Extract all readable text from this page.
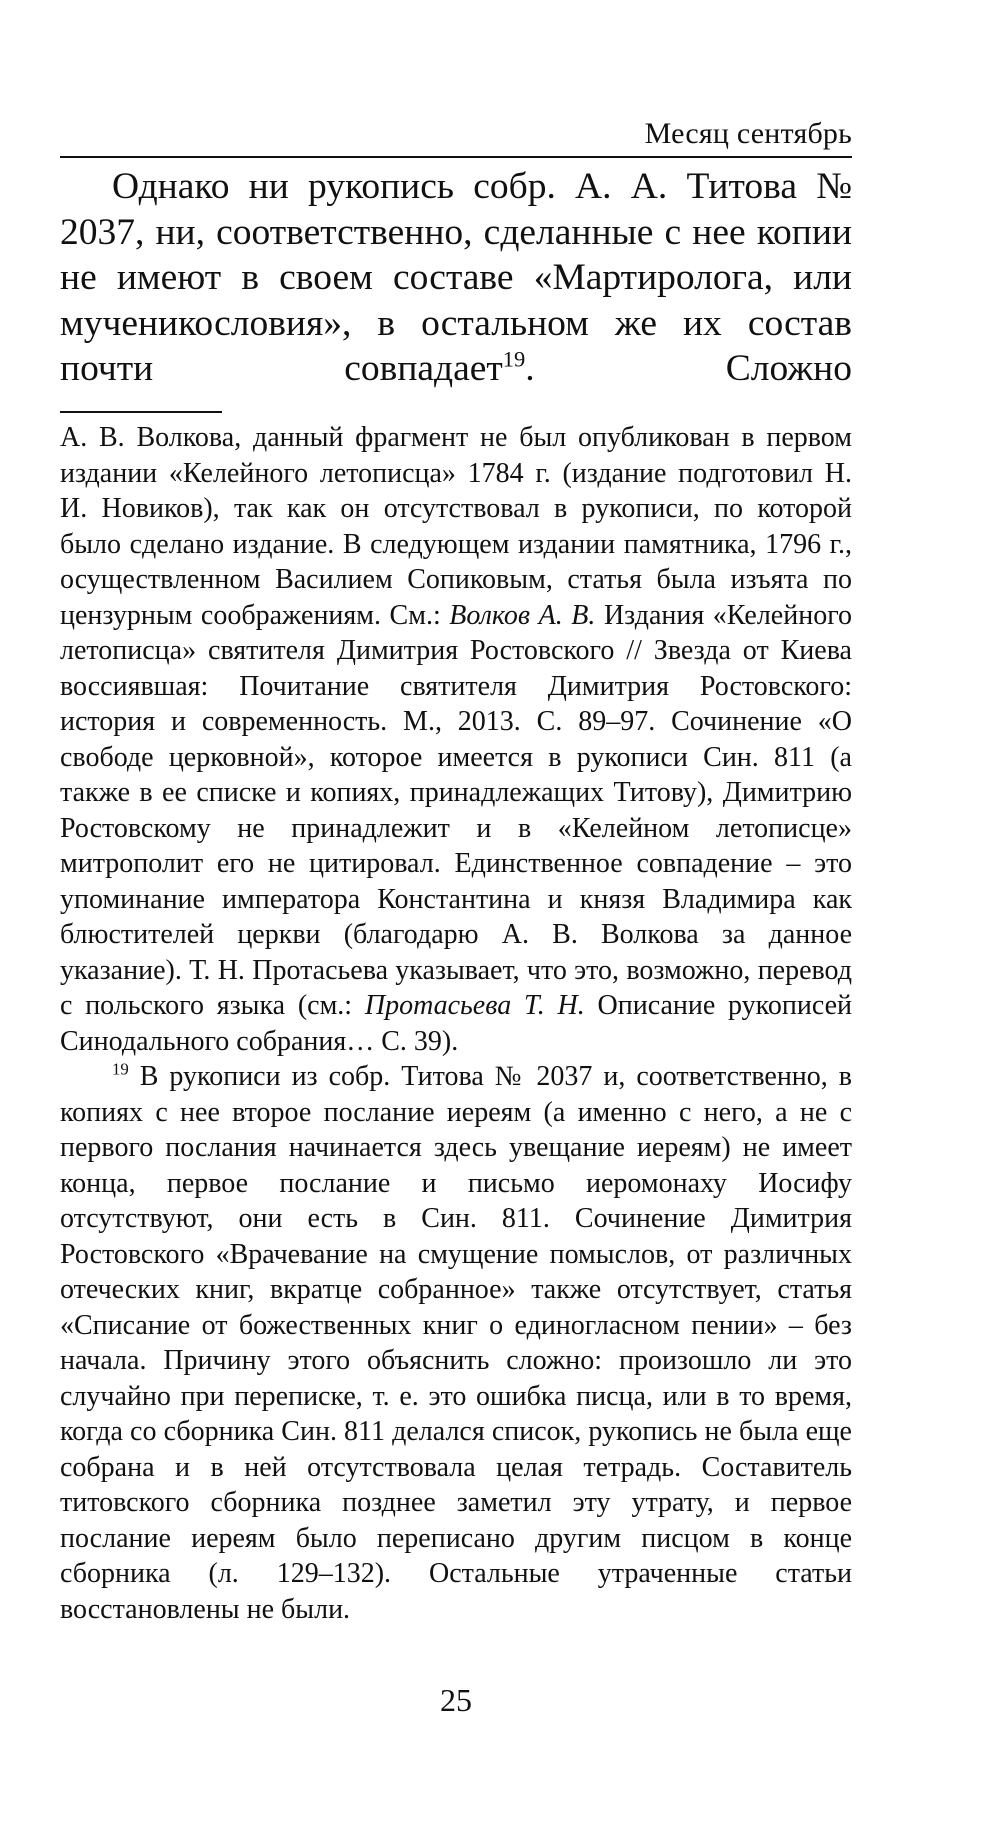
Месяц сентябрь

Однако ни рукопись собр. А. А. Титова № 2037, ни, соответственно, сделанные с нее копии не имеют в своем составе «Мартиролога, или мученикословия», в остальном же их состав почти совпадает$^{19}$. Сложно

А. В. Волкова, данный фрагмент не был опубликован в первом издании «Келейного летописца» 1784 г. (издание подготовил Н. И. Новиков), так как он отсутствовал в рукописи, по которой было сделано издание. В следующем издании памятника, 1796 г., осуществленном Василием Сопиковым, статья была изъята по цензурным соображениям. См.: Волков А. В. Издания «Келейного летописца» святителя Димитрия Ростовского // Звезда от Киева воссиявшая: Почитание святителя Димитрия Ростовского: история и современность. М., 2013. С. 89–97. Сочинение «О свободе церковной», которое имеется в рукописи Син. 811 (а также в ее списке и копиях, принадлежащих Титову), Димитрию Ростовскому не принадлежит и в «Келейном летописце» митрополит его не цитировал. Единственное совпадение – это упоминание императора Константина и князя Владимира как блюстителей церкви (благодарю А. В. Волкова за данное указание). Т. Н. Протасьева указывает, что это, возможно, перевод с польского языка (см.: Протасьева Т. Н. Описание рукописей Синодального собрания… С. 39).

$^{19}$ В рукописи из собр. Титова № 2037 и, соответственно, в копиях с нее второе послание иереям (а именно с него, а не с первого послания начинается здесь увещание иереям) не имеет конца, первое послание и письмо иеромонаху Иосифу отсутствуют, они есть в Син. 811. Сочинение Димитрия Ростовского «Врачевание на смущение помыслов, от различных отеческих книг, вкратце собранное» также отсутствует, статья «Списание от божественных книг о единогласном пении» – без начала. Причину этого объяснить сложно: произошло ли это случайно при переписке, т. е. это ошибка писца, или в то время, когда со сборника Син. 811 делался список, рукопись не была еще собрана и в ней отсутствовала целая тетрадь. Составитель титовского сборника позднее заметил эту утрату, и первое послание иереям было переписано другим писцом в конце сборника (л. 129–132). Остальные утраченные статьи восстановлены не были.

25
